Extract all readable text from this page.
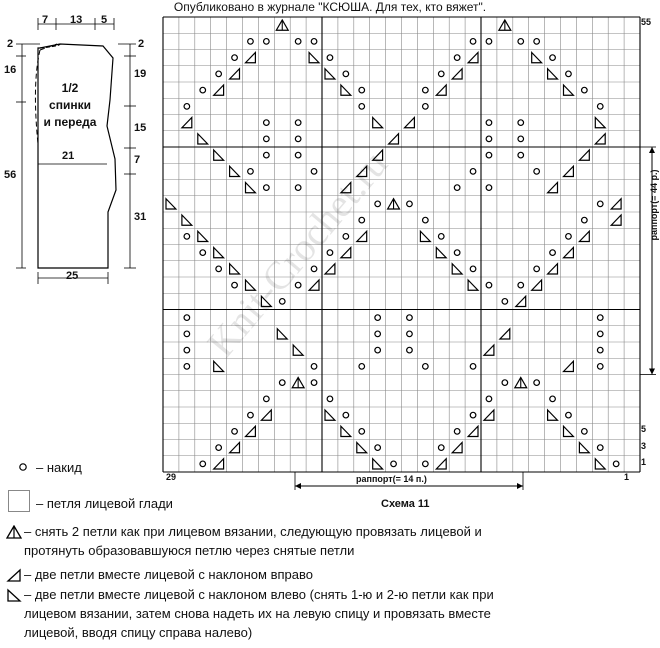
Опубликовано в журнале "КСЮША. Для тех, кто вяжет".
7 13 5
2
16
56
2
19
15
7
31
21
25
1/2
спинки
и переда
55
5
3
1
29	1
раппорт(= 14 п.)
раппорт(= 44 р.)
Схема 11
Knit-Crochet.ru
– накид
– петля лицевой глади
– снять 2 петли как при лицевом вязании, следующую провязать лицевой и протянуть образовавшуюся петлю через снятые петли
– две петли вместе лицевой с наклоном вправо
– две петли вместе лицевой с наклоном влево (снять 1-ю и 2-ю петли как при лицевом вязании, затем снова надеть их на левую спицу и провязать вместе лицевой, вводя спицу справа налево)
